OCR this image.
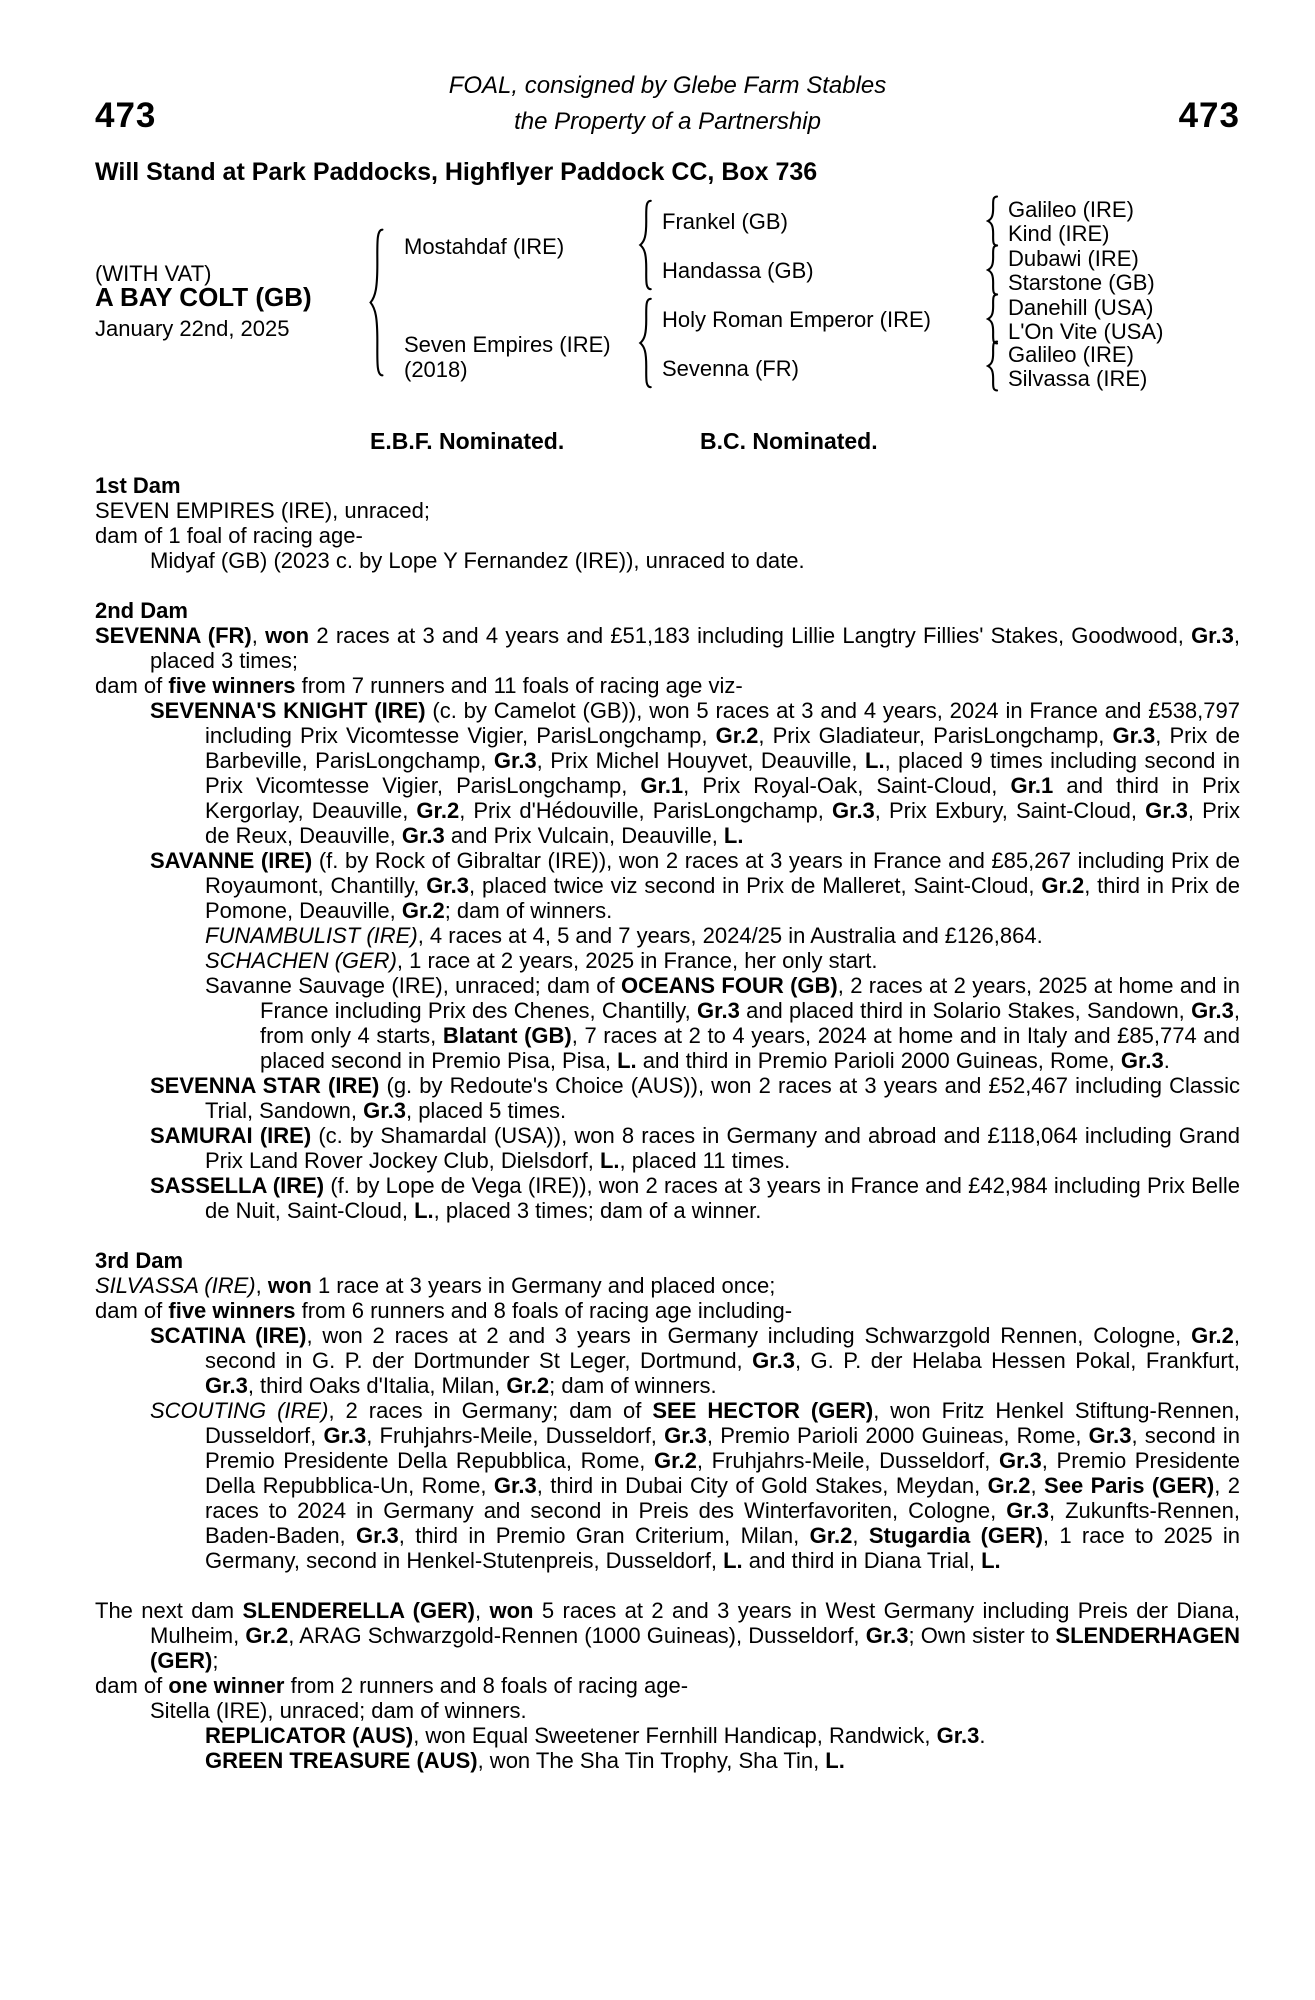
FOAL, consigned by Glebe Farm Stables
473	the Property of a Partnership	473
Will Stand at Park Paddocks, Highflyer Paddock CC, Box 736
(WITH VAT)
A BAY COLT (GB)
January 22nd, 2025
Mostahdaf (IRE)
Seven Empires (IRE)
(2018)
Frankel (GB)
Handassa (GB)
Holy Roman Emperor (IRE)
Sevenna (FR)
Galileo (IRE)
Kind (IRE)
Dubawi (IRE)
Starstone (GB)
Danehill (USA)
L'On Vite (USA)
Galileo (IRE)
Silvassa (IRE)
E.B.F. Nominated.	B.C. Nominated.
1st Dam

SEVEN EMPIRES (IRE), unraced;

dam of 1 foal of racing age-

Midyaf (GB) (2023 c. by Lope Y Fernandez (IRE)), unraced to date.

2nd Dam

SEVENNA (FR), won 2 races at 3 and 4 years and £51,183 including Lillie Langtry Fillies' Stakes, Goodwood, Gr.3, placed 3 times;

dam of five winners from 7 runners and 11 foals of racing age viz-

SEVENNA'S KNIGHT (IRE) (c. by Camelot (GB)), won 5 races at 3 and 4 years, 2024 in France and £538,797 including Prix Vicomtesse Vigier, ParisLongchamp, Gr.2, Prix Gladiateur, ParisLongchamp, Gr.3, Prix de Barbeville, ParisLongchamp, Gr.3, Prix Michel Houyvet, Deauville, L., placed 9 times including second in Prix Vicomtesse Vigier, ParisLongchamp, Gr.1, Prix Royal-Oak, Saint-Cloud, Gr.1 and third in Prix Kergorlay, Deauville, Gr.2, Prix d'Hédouville, ParisLongchamp, Gr.3, Prix Exbury, Saint-Cloud, Gr.3, Prix de Reux, Deauville, Gr.3 and Prix Vulcain, Deauville, L.

SAVANNE (IRE) (f. by Rock of Gibraltar (IRE)), won 2 races at 3 years in France and £85,267 including Prix de Royaumont, Chantilly, Gr.3, placed twice viz second in Prix de Malleret, Saint-Cloud, Gr.2, third in Prix de Pomone, Deauville, Gr.2; dam of winners.

FUNAMBULIST (IRE), 4 races at 4, 5 and 7 years, 2024/25 in Australia and £126,864.

SCHACHEN (GER), 1 race at 2 years, 2025 in France, her only start.

Savanne Sauvage (IRE), unraced; dam of OCEANS FOUR (GB), 2 races at 2 years, 2025 at home and in France including Prix des Chenes, Chantilly, Gr.3 and placed third in Solario Stakes, Sandown, Gr.3, from only 4 starts, Blatant (GB), 7 races at 2 to 4 years, 2024 at home and in Italy and £85,774 and placed second in Premio Pisa, Pisa, L. and third in Premio Parioli 2000 Guineas, Rome, Gr.3.

SEVENNA STAR (IRE) (g. by Redoute's Choice (AUS)), won 2 races at 3 years and £52,467 including Classic Trial, Sandown, Gr.3, placed 5 times.

SAMURAI (IRE) (c. by Shamardal (USA)), won 8 races in Germany and abroad and £118,064 including Grand Prix Land Rover Jockey Club, Dielsdorf, L., placed 11 times.

SASSELLA (IRE) (f. by Lope de Vega (IRE)), won 2 races at 3 years in France and £42,984 including Prix Belle de Nuit, Saint-Cloud, L., placed 3 times; dam of a winner.

3rd Dam

SILVASSA (IRE), won 1 race at 3 years in Germany and placed once;

dam of five winners from 6 runners and 8 foals of racing age including-

SCATINA (IRE), won 2 races at 2 and 3 years in Germany including Schwarzgold Rennen, Cologne, Gr.2, second in G. P. der Dortmunder St Leger, Dortmund, Gr.3, G. P. der Helaba Hessen Pokal, Frankfurt, Gr.3, third Oaks d'Italia, Milan, Gr.2; dam of winners.

SCOUTING (IRE), 2 races in Germany; dam of SEE HECTOR (GER), won Fritz Henkel Stiftung-Rennen, Dusseldorf, Gr.3, Fruhjahrs-Meile, Dusseldorf, Gr.3, Premio Parioli 2000 Guineas, Rome, Gr.3, second in Premio Presidente Della Repubblica, Rome, Gr.2, Fruhjahrs-Meile, Dusseldorf, Gr.3, Premio Presidente Della Repubblica-Un, Rome, Gr.3, third in Dubai City of Gold Stakes, Meydan, Gr.2, See Paris (GER), 2 races to 2024 in Germany and second in Preis des Winterfavoriten, Cologne, Gr.3, Zukunfts-Rennen, Baden-Baden, Gr.3, third in Premio Gran Criterium, Milan, Gr.2, Stugardia (GER), 1 race to 2025 in Germany, second in Henkel-Stutenpreis, Dusseldorf, L. and third in Diana Trial, L.

The next dam SLENDERELLA (GER), won 5 races at 2 and 3 years in West Germany including Preis der Diana, Mulheim, Gr.2, ARAG Schwarzgold-Rennen (1000 Guineas), Dusseldorf, Gr.3; Own sister to SLENDERHAGEN (GER);

dam of one winner from 2 runners and 8 foals of racing age-

Sitella (IRE), unraced; dam of winners.

REPLICATOR (AUS), won Equal Sweetener Fernhill Handicap, Randwick, Gr.3.

GREEN TREASURE (AUS), won The Sha Tin Trophy, Sha Tin, L.
